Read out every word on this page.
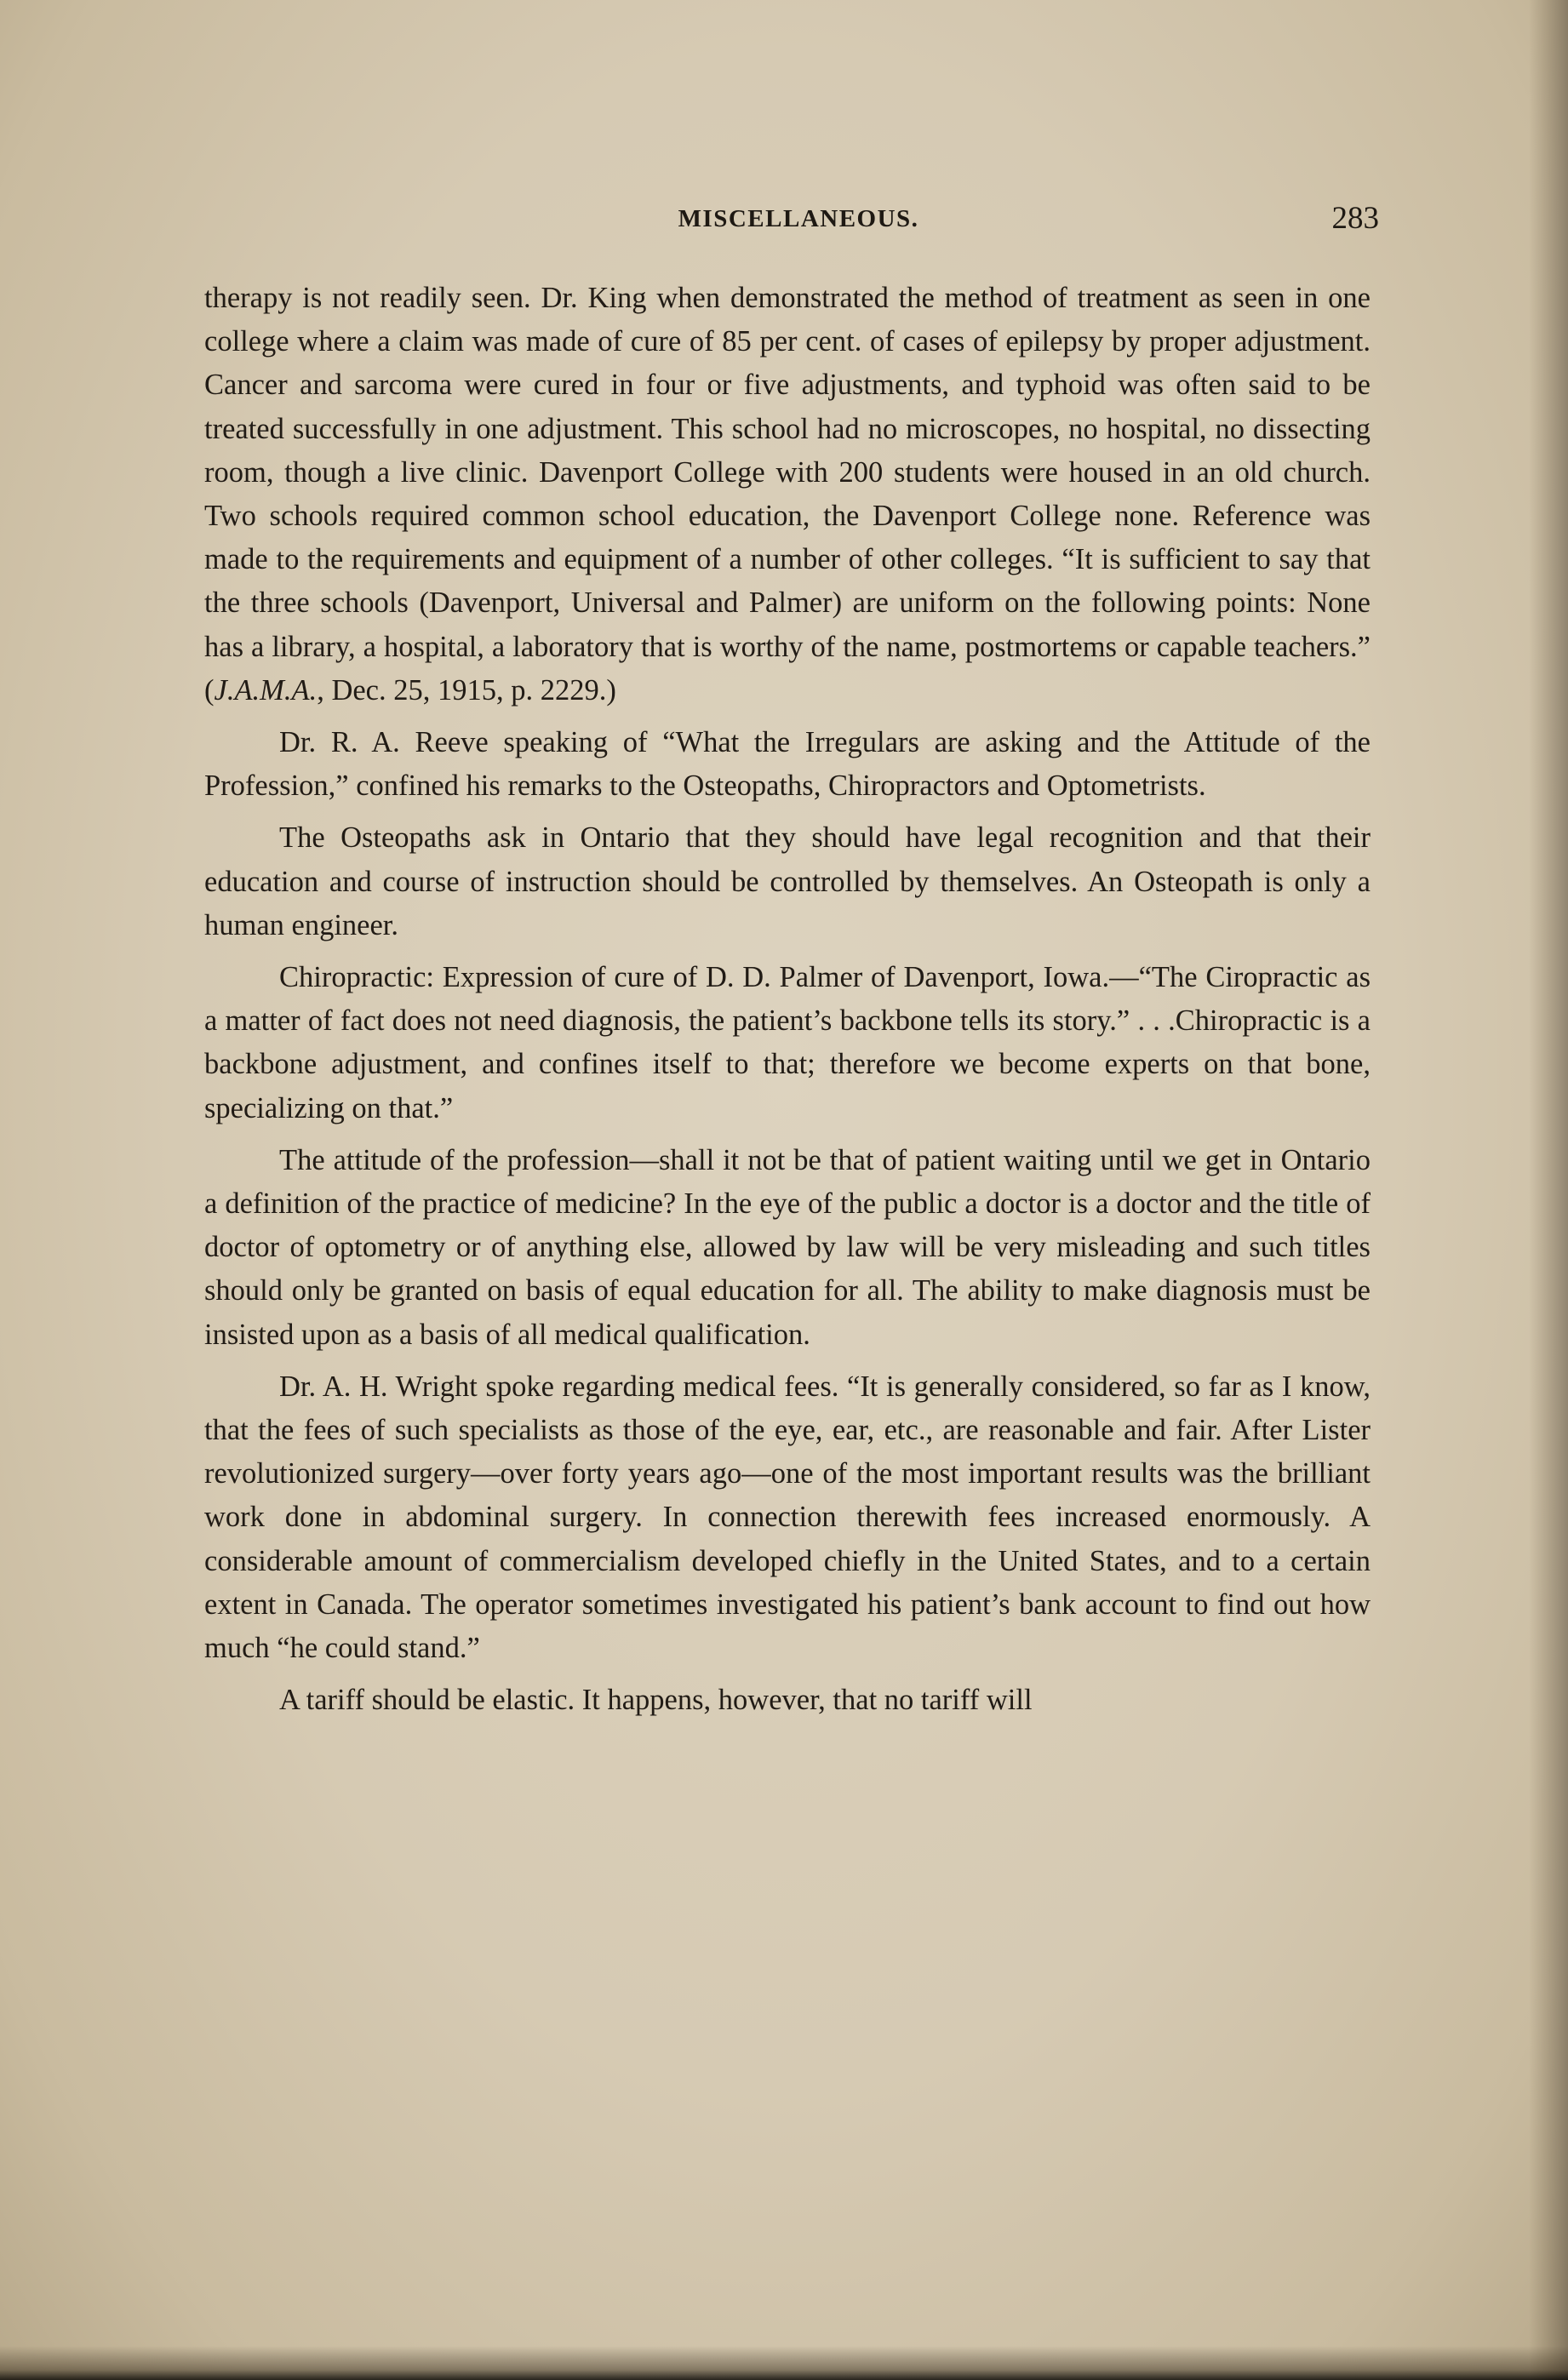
MISCELLANEOUS.	283

therapy is not readily seen. Dr. King when demonstrated the method of treatment as seen in one college where a claim was made of cure of 85 per cent. of cases of epilepsy by proper adjustment. Cancer and sarcoma were cured in four or five adjustments, and typhoid was often said to be treated successfully in one adjustment. This school had no microscopes, no hospital, no dissecting room, though a live clinic. Davenport College with 200 students were housed in an old church. Two schools required common school education, the Davenport College none. Reference was made to the requirements and equipment of a number of other colleges. “It is sufficient to say that the three schools (Davenport, Universal and Palmer) are uniform on the following points: None has a library, a hospital, a laboratory that is worthy of the name, postmortems or capable teachers.” (J.A.M.A., Dec. 25, 1915, p. 2229.)

Dr. R. A. Reeve speaking of “What the Irregulars are asking and the Attitude of the Profession,” confined his remarks to the Osteopaths, Chiropractors and Optometrists.

The Osteopaths ask in Ontario that they should have legal recognition and that their education and course of instruction should be controlled by themselves. An Osteopath is only a human engineer.

Chiropractic: Expression of cure of D. D. Palmer of Davenport, Iowa.—“The Ciropractic as a matter of fact does not need diagnosis, the patient’s backbone tells its story.” . . .Chiropractic is a backbone adjustment, and confines itself to that; therefore we become experts on that bone, specializing on that.”

The attitude of the profession—shall it not be that of patient waiting until we get in Ontario a definition of the practice of medicine? In the eye of the public a doctor is a doctor and the title of doctor of optometry or of anything else, allowed by law will be very misleading and such titles should only be granted on basis of equal education for all. The ability to make diagnosis must be insisted upon as a basis of all medical qualification.

Dr. A. H. Wright spoke regarding medical fees. “It is generally considered, so far as I know, that the fees of such specialists as those of the eye, ear, etc., are reasonable and fair. After Lister revolutionized surgery—over forty years ago—one of the most important results was the brilliant work done in abdominal surgery. In connection therewith fees increased enormously. A considerable amount of commercialism developed chiefly in the United States, and to a certain extent in Canada. The operator sometimes investigated his patient’s bank account to find out how much “he could stand.”

A tariff should be elastic. It happens, however, that no tariff will
